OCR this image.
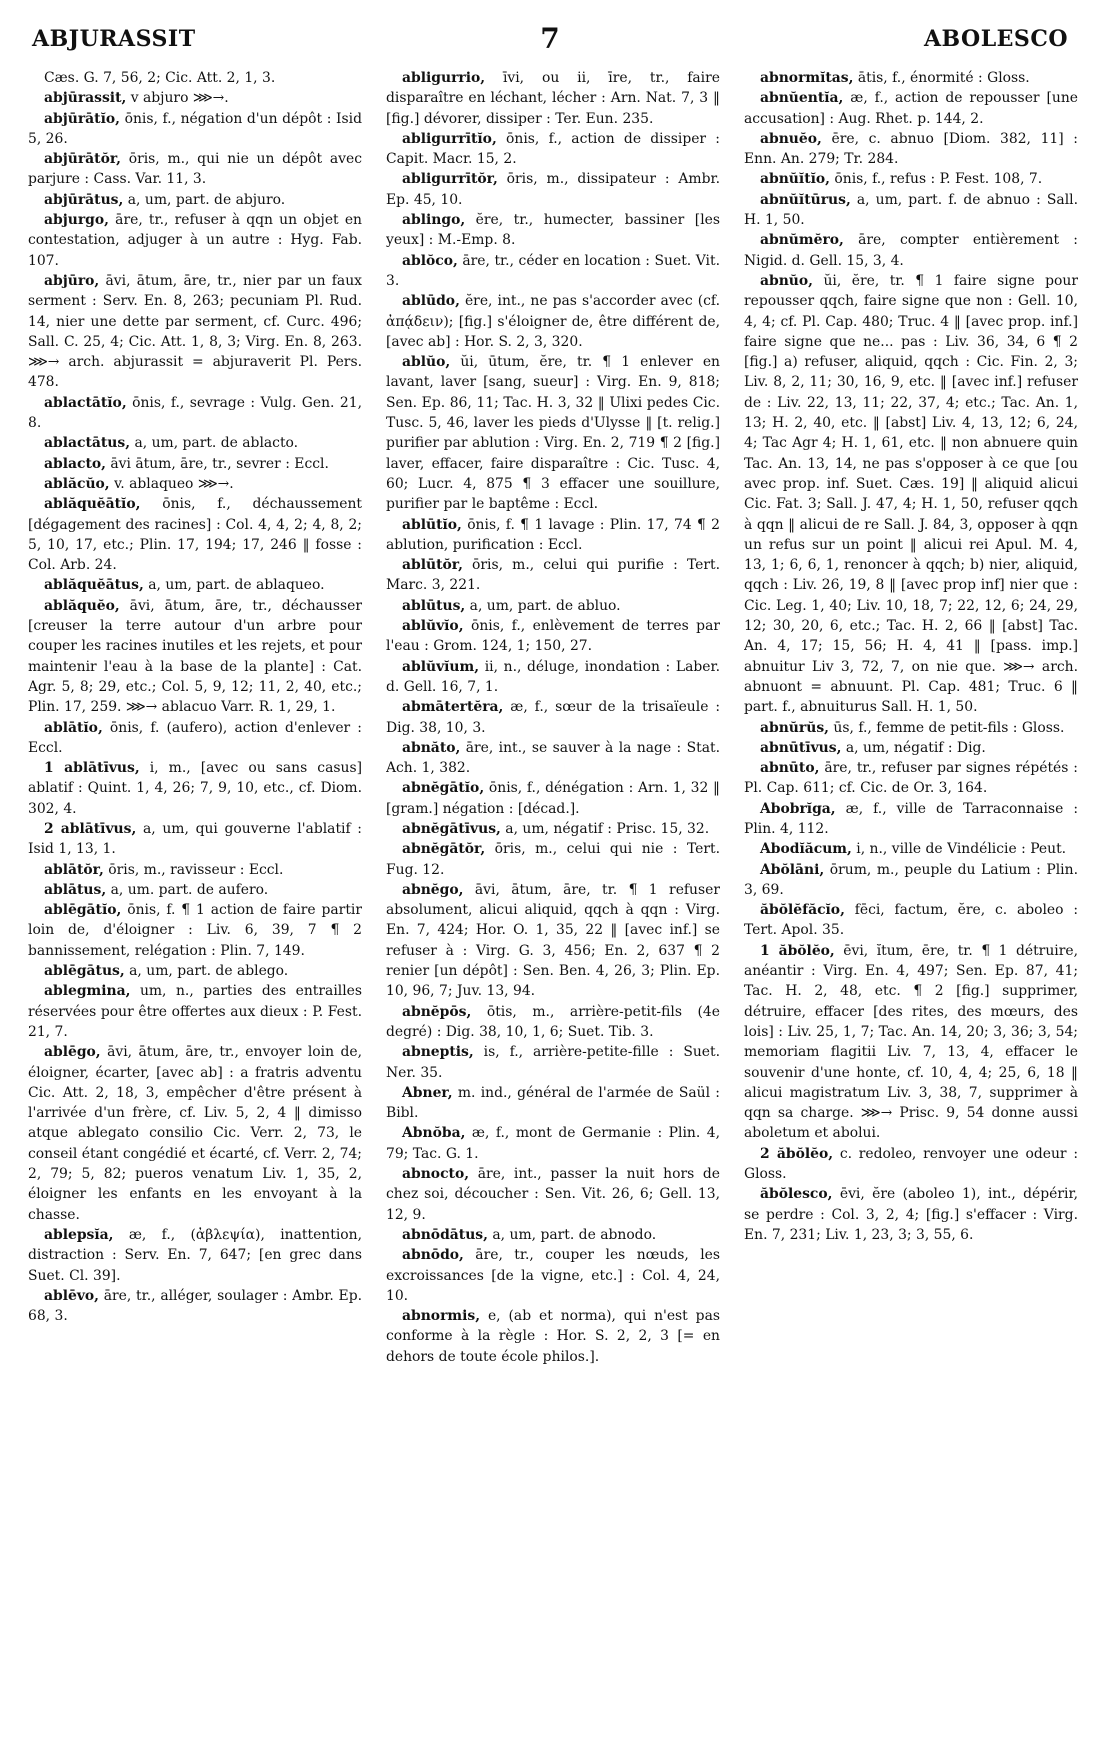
ABJURASSIT	7	ABOLESCO

Cæs. G. 7, 56, 2; Cic. Att. 2, 1, 3.

abjūrassit, v abjuro ⋙→.

abjūrātĭo, ōnis, f., négation d'un dépôt : Isid 5, 26.

abjūrātŏr, ōris, m., qui nie un dépôt avec parjure : Cass. Var. 11, 3.

abjūrātus, a, um, part. de abjuro.

abjurgo, āre, tr., refuser à qqn un objet en contestation, adjuger à un autre : Hyg. Fab. 107.

abjūro, āvi, ātum, āre, tr., nier par un faux serment : Serv. En. 8, 263; pecuniam Pl. Rud. 14, nier une dette par serment, cf. Curc. 496; Sall. C. 25, 4; Cic. Att. 1, 8, 3; Virg. En. 8, 263. ⋙→ arch. abjurassit = abjuraverit Pl. Pers. 478.

ablactātĭo, ōnis, f., sevrage : Vulg. Gen. 21, 8.

ablactātus, a, um, part. de ablacto.

ablacto, āvi ātum, āre, tr., sevrer : Eccl.

ablăcŭo, v. ablaqueo ⋙→.

ablăquĕātĭo, ōnis, f., déchaussement [dégagement des racines] : Col. 4, 4, 2; 4, 8, 2; 5, 10, 17, etc.; Plin. 17, 194; 17, 246 ‖ fosse : Col. Arb. 24.

ablăquĕātus, a, um, part. de ablaqueo.

ablăquĕo, āvi, ātum, āre, tr., déchausser [creuser la terre autour d'un arbre pour couper les racines inutiles et les rejets, et pour maintenir l'eau à la base de la plante] : Cat. Agr. 5, 8; 29, etc.; Col. 5, 9, 12; 11, 2, 40, etc.; Plin. 17, 259. ⋙→ ablacuo Varr. R. 1, 29, 1.

ablātĭo, ōnis, f. (aufero), action d'enlever : Eccl.

1 ablātīvus, i, m., [avec ou sans casus] ablatif : Quint. 1, 4, 26; 7, 9, 10, etc., cf. Diom. 302, 4.

2 ablātīvus, a, um, qui gouverne l'ablatif : Isid 1, 13, 1.

ablātŏr, ōris, m., ravisseur : Eccl.

ablātus, a, um. part. de aufero.

ablēgātĭo, ōnis, f. ¶ 1 action de faire partir loin de, d'éloigner : Liv. 6, 39, 7 ¶ 2 bannissement, relégation : Plin. 7, 149.

ablēgātus, a, um, part. de ablego.

ablegmina, um, n., parties des entrailles réservées pour être offertes aux dieux : P. Fest. 21, 7.

ablēgo, āvi, ātum, āre, tr., envoyer loin de, éloigner, écarter, [avec ab] : a fratris adventu Cic. Att. 2, 18, 3, empêcher d'être présent à l'arrivée d'un frère, cf. Liv. 5, 2, 4 ‖ dimisso atque ablegato consilio Cic. Verr. 2, 73, le conseil étant congédié et écarté, cf. Verr. 2, 74; 2, 79; 5, 82; pueros venatum Liv. 1, 35, 2, éloigner les enfants en les envoyant à la chasse.

ablepsĭa, æ, f., (ἀβλεψία), inattention, distraction : Serv. En. 7, 647; [en grec dans Suet. Cl. 39].

ablēvo, āre, tr., alléger, soulager : Ambr. Ep. 68, 3.

abligurrio, īvi, ou ii, īre, tr., faire disparaître en léchant, lécher : Arn. Nat. 7, 3 ‖ [fig.] dévorer, dissiper : Ter. Eun. 235.

abligurrītĭo, ōnis, f., action de dissiper : Capit. Macr. 15, 2.

abligurrītŏr, ōris, m., dissipateur : Ambr. Ep. 45, 10.

ablingo, ĕre, tr., humecter, bassiner [les yeux] : M.-Emp. 8.

ablŏco, āre, tr., céder en location : Suet. Vit. 3.

ablūdo, ĕre, int., ne pas s'accorder avec (cf. ἀπᾴδειν); [fig.] s'éloigner de, être différent de, [avec ab] : Hor. S. 2, 3, 320.

ablŭo, ŭi, ūtum, ĕre, tr. ¶ 1 enlever en lavant, laver [sang, sueur] : Virg. En. 9, 818; Sen. Ep. 86, 11; Tac. H. 3, 32 ‖ Ulixi pedes Cic. Tusc. 5, 46, laver les pieds d'Ulysse ‖ [t. relig.] purifier par ablution : Virg. En. 2, 719 ¶ 2 [fig.] laver, effacer, faire disparaître : Cic. Tusc. 4, 60; Lucr. 4, 875 ¶ 3 effacer une souillure, purifier par le baptême : Eccl.

ablūtĭo, ōnis, f. ¶ 1 lavage : Plin. 17, 74 ¶ 2 ablution, purification : Eccl.

ablūtŏr, ōris, m., celui qui purifie : Tert. Marc. 3, 221.

ablūtus, a, um, part. de abluo.

ablŭvĭo, ōnis, f., enlèvement de terres par l'eau : Grom. 124, 1; 150, 27.

ablŭvĭum, ii, n., déluge, inondation : Laber. d. Gell. 16, 7, 1.

abmātertĕra, æ, f., sœur de la trisaïeule : Dig. 38, 10, 3.

abnăto, āre, int., se sauver à la nage : Stat. Ach. 1, 382.

abnĕgātĭo, ōnis, f., dénégation : Arn. 1, 32 ‖ [gram.] négation : [décad.].

abnĕgātīvus, a, um, négatif : Prisc. 15, 32.

abnĕgātŏr, ōris, m., celui qui nie : Tert. Fug. 12.

abnĕgo, āvi, ātum, āre, tr. ¶ 1 refuser absolument, alicui aliquid, qqch à qqn : Virg. En. 7, 424; Hor. O. 1, 35, 22 ‖ [avec inf.] se refuser à : Virg. G. 3, 456; En. 2, 637 ¶ 2 renier [un dépôt] : Sen. Ben. 4, 26, 3; Plin. Ep. 10, 96, 7; Juv. 13, 94.

abnĕpōs, ōtis, m., arrière-petit-fils (4e degré) : Dig. 38, 10, 1, 6; Suet. Tib. 3.

abneptis, is, f., arrière-petite-fille : Suet. Ner. 35.

Abner, m. ind., général de l'armée de Saül : Bibl.

Abnŏba, æ, f., mont de Germanie : Plin. 4, 79; Tac. G. 1.

abnocto, āre, int., passer la nuit hors de chez soi, découcher : Sen. Vit. 26, 6; Gell. 13, 12, 9.

abnōdātus, a, um, part. de abnodo.

abnōdo, āre, tr., couper les nœuds, les excroissances [de la vigne, etc.] : Col. 4, 24, 10.

abnormis, e, (ab et norma), qui n'est pas conforme à la règle : Hor. S. 2, 2, 3 [= en dehors de toute école philos.].

abnormĭtas, ātis, f., énormité : Gloss.

abnŭentĭa, æ, f., action de repousser [une accusation] : Aug. Rhet. p. 144, 2.

abnuĕo, ēre, c. abnuo [Diom. 382, 11] : Enn. An. 279; Tr. 284.

abnŭĭtĭo, ōnis, f., refus : P. Fest. 108, 7.

abnŭĭtūrus, a, um, part. f. de abnuo : Sall. H. 1, 50.

abnŭmĕro, āre, compter entièrement : Nigid. d. Gell. 15, 3, 4.

abnŭo, ŭi, ĕre, tr. ¶ 1 faire signe pour repousser qqch, faire signe que non : Gell. 10, 4, 4; cf. Pl. Cap. 480; Truc. 4 ‖ [avec prop. inf.] faire signe que ne... pas : Liv. 36, 34, 6 ¶ 2 [fig.] a) refuser, aliquid, qqch : Cic. Fin. 2, 3; Liv. 8, 2, 11; 30, 16, 9, etc. ‖ [avec inf.] refuser de : Liv. 22, 13, 11; 22, 37, 4; etc.; Tac. An. 1, 13; H. 2, 40, etc. ‖ [abst] Liv. 4, 13, 12; 6, 24, 4; Tac Agr 4; H. 1, 61, etc. ‖ non abnuere quin Tac. An. 13, 14, ne pas s'opposer à ce que [ou avec prop. inf. Suet. Cæs. 19] ‖ aliquid alicui Cic. Fat. 3; Sall. J. 47, 4; H. 1, 50, refuser qqch à qqn ‖ alicui de re Sall. J. 84, 3, opposer à qqn un refus sur un point ‖ alicui rei Apul. M. 4, 13, 1; 6, 6, 1, renoncer à qqch; b) nier, aliquid, qqch : Liv. 26, 19, 8 ‖ [avec prop inf] nier que : Cic. Leg. 1, 40; Liv. 10, 18, 7; 22, 12, 6; 24, 29, 12; 30, 20, 6, etc.; Tac. H. 2, 66 ‖ [abst] Tac. An. 4, 17; 15, 56; H. 4, 41 ‖ [pass. imp.] abnuitur Liv 3, 72, 7, on nie que. ⋙→ arch. abnuont = abnuunt. Pl. Cap. 481; Truc. 6 ‖ part. f., abnuiturus Sall. H. 1, 50.

abnŭrŭs, ūs, f., femme de petit-fils : Gloss.

abnūtīvus, a, um, négatif : Dig.

abnūto, āre, tr., refuser par signes répétés : Pl. Cap. 611; cf. Cic. de Or. 3, 164.

Abobrĭga, æ, f., ville de Tarraconnaise : Plin. 4, 112.

Abodĭăcum, i, n., ville de Vindélicie : Peut.

Abŏlāni, ōrum, m., peuple du Latium : Plin. 3, 69.

ăbŏlĕfăcĭo, fēci, factum, ĕre, c. aboleo : Tert. Apol. 35.

1 ăbŏlĕo, ēvi, ĭtum, ēre, tr. ¶ 1 détruire, anéantir : Virg. En. 4, 497; Sen. Ep. 87, 41; Tac. H. 2, 48, etc. ¶ 2 [fig.] supprimer, détruire, effacer [des rites, des mœurs, des lois] : Liv. 25, 1, 7; Tac. An. 14, 20; 3, 36; 3, 54; memoriam flagitii Liv. 7, 13, 4, effacer le souvenir d'une honte, cf. 10, 4, 4; 25, 6, 18 ‖ alicui magistratum Liv. 3, 38, 7, supprimer à qqn sa charge. ⋙→ Prisc. 9, 54 donne aussi aboletum et abolui.

2 ăbŏlĕo, c. redoleo, renvoyer une odeur : Gloss.

ăbŏlesco, ēvi, ĕre (aboleo 1), int., dépérir, se perdre : Col. 3, 2, 4; [fig.] s'effacer : Virg. En. 7, 231; Liv. 1, 23, 3; 3, 55, 6.
